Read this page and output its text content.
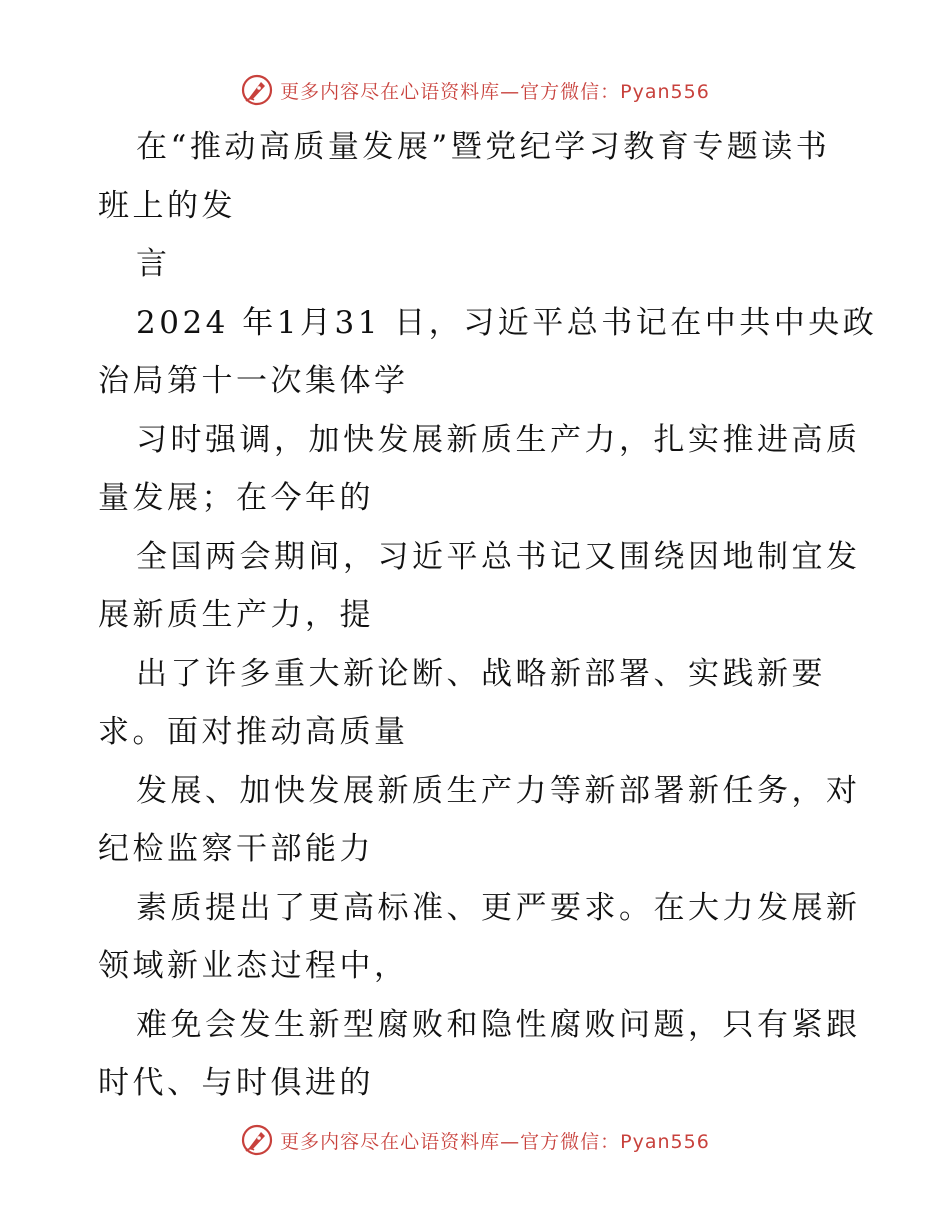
更多内容尽在心语资料库—官方微信：Pyan556
在“推动高质量发展”暨党纪学习教育专题读书
班上的发
言
2024 年1月31 日，习近平总书记在中共中央政
治局第十一次集体学
习时强调，加快发展新质生产力，扎实推进高质
量发展；在今年的
全国两会期间，习近平总书记又围绕因地制宜发
展新质生产力，提
出了许多重大新论断、战略新部署、实践新要
求。面对推动高质量
发展、加快发展新质生产力等新部署新任务，对
纪检监察干部能力
素质提出了更高标准、更严要求。在大力发展新
领域新业态过程中，
难免会发生新型腐败和隐性腐败问题，只有紧跟
时代、与时俱进的
更多内容尽在心语资料库—官方微信：Pyan556
